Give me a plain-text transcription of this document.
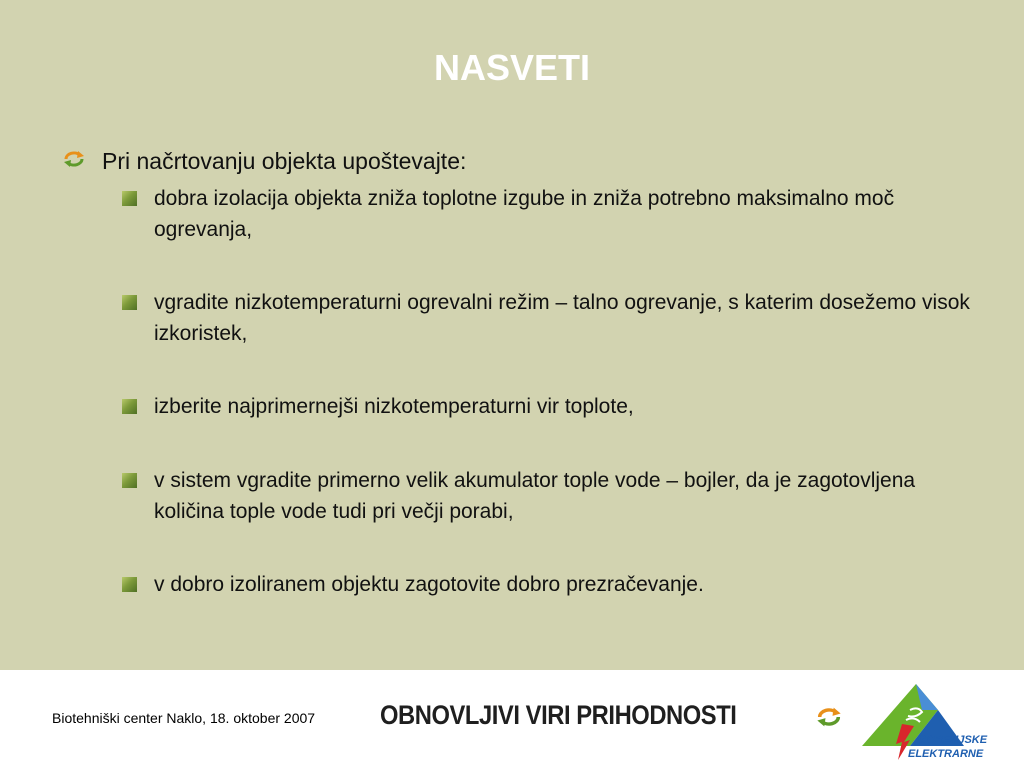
NASVETI
Pri načrtovanju objekta upoštevajte:
dobra izolacija objekta zniža toplotne izgube in zniža potrebno maksimalno moč ogrevanja,
vgradite nizkotemperaturni ogrevalni režim – talno ogrevanje, s katerim dosežemo visok izkoristek,
izberite najprimernejši nizkotemperaturni vir toplote,
v sistem vgradite primerno velik akumulator tople vode – bojler, da je zagotovljena količina tople vode tudi pri večji porabi,
v dobro izoliranem objektu zagotovite dobro prezračevanje.
Biotehniški center Naklo, 18. oktober 2007 OBNOVLJIVI VIRI PRIHODNOSTI
GORENJSKE
ELEKTRARNE
